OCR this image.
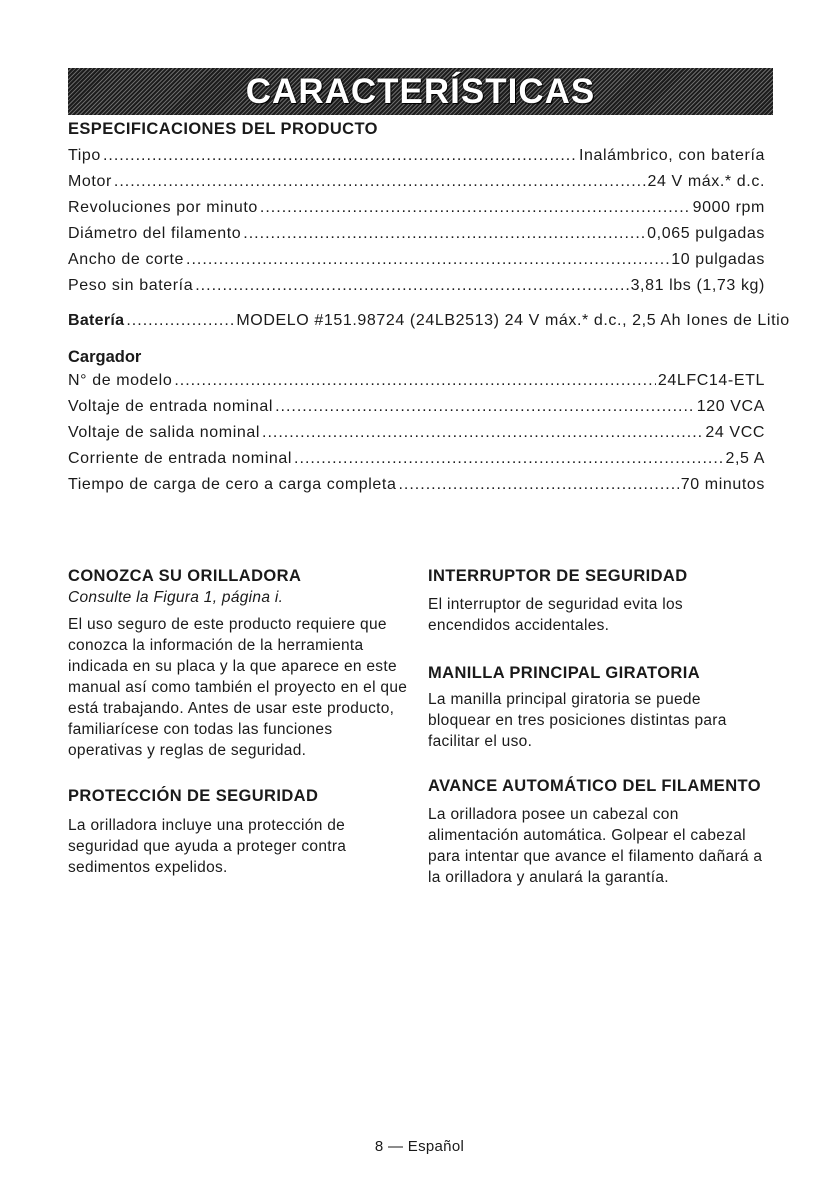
CARACTERÍSTICAS
ESPECIFICACIONES DEL PRODUCTO
Tipo .....	Inalámbrico, con batería
Motor .....	24 V máx.* d.c.
Revoluciones por minuto .....	9000 rpm
Diámetro del filamento .....	0,065 pulgadas
Ancho de corte .....	10 pulgadas
Peso sin batería .....	3,81 lbs (1,73 kg)
Batería .....	MODELO #151.98724 (24LB2513) 24 V máx.* d.c., 2,5 Ah Iones de Litio
Cargador
N° de modelo .....	24LFC14-ETL
Voltaje de entrada nominal .....	120 VCA
Voltaje de salida nominal .....	24 VCC
Corriente de entrada nominal .....	2,5 A
Tiempo de carga de cero a carga completa .....	70 minutos
CONOZCA SU ORILLADORA

Consulte la Figura 1, página i.

El uso seguro de este producto requiere que conozca la información de la herramienta indicada en su placa y la que aparece en este manual así como también el proyecto en el que está trabajando. Antes de usar este producto, familiarícese con todas las funciones operativas y reglas de seguridad.

PROTECCIÓN DE SEGURIDAD

La orilladora incluye una protección de seguridad que ayuda a proteger contra sedimentos expelidos.

INTERRUPTOR DE SEGURIDAD

El interruptor de seguridad evita los encendidos accidentales.

MANILLA PRINCIPAL GIRATORIA

La manilla principal giratoria se puede bloquear en tres posiciones distintas para facilitar el uso.

AVANCE AUTOMÁTICO DEL FILAMENTO

La orilladora posee un cabezal con alimentación automática. Golpear el cabezal para intentar que avance el filamento dañará a la orilladora y anulará la garantía.

8 — Español
